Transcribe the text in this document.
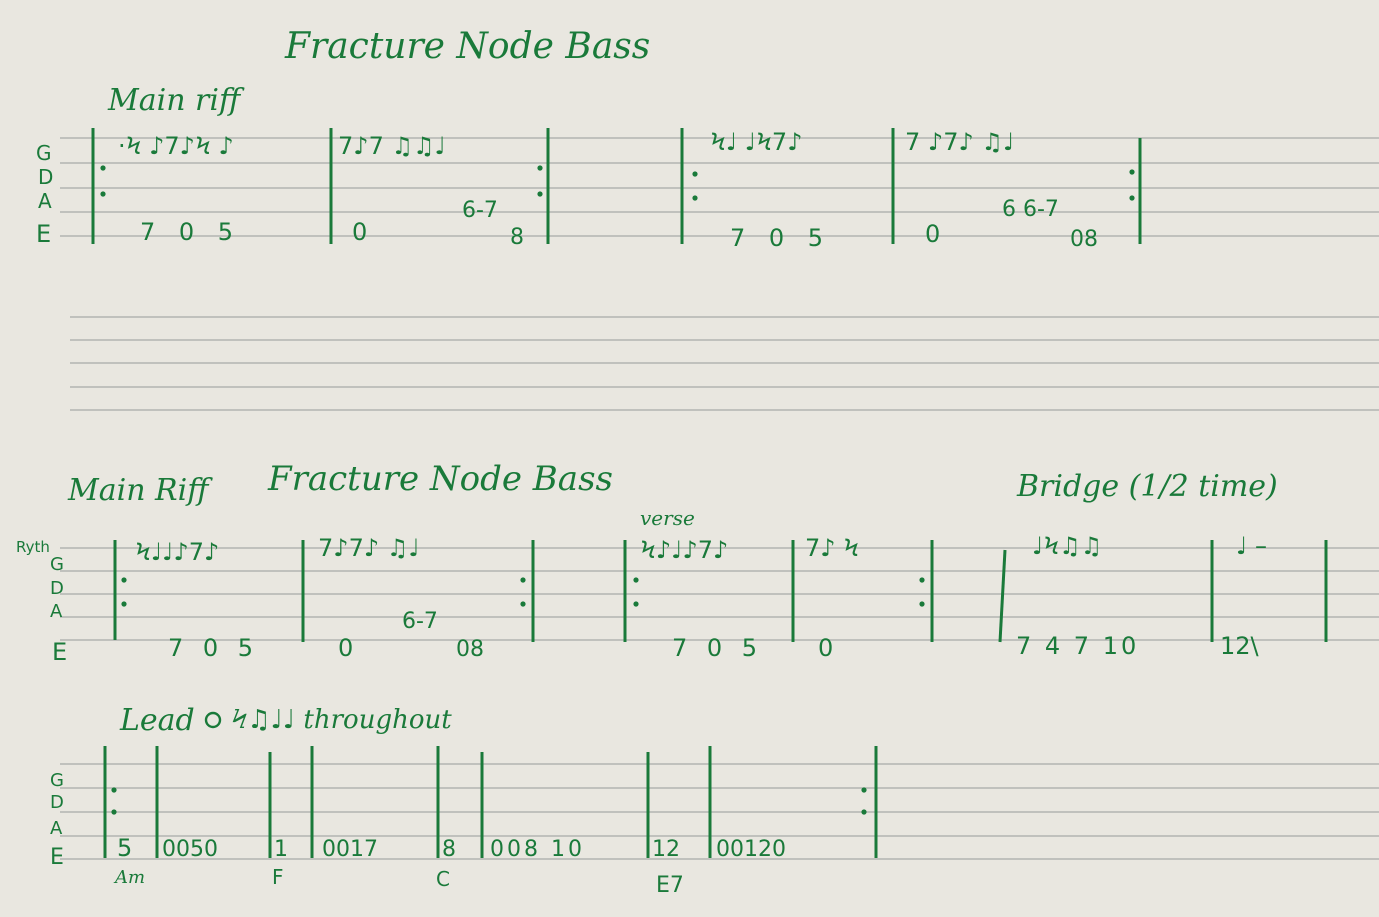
Fracture Node Bass
Main riff
G
D
A
E
·Ϟ ♪7♪Ϟ ♪	7♪7 ♫♫♩	Ϟ♩ ♩Ϟ7♪	7 ♪7♪ ♫♩
7 0 5	0
6-7
8	7 0 5	0
6 6-7
08
Main Riff Fracture Node Bass	Bridge (1/2 time)
verse
Ryth
G
D
A
E
Ϟ♩♩♪7♪	7♪7♪ ♫♩	Ϟ♪♩♪7♪	7♪ Ϟ	♩Ϟ♫♫	♩ –
7 0 5	0
6-7
08	7 0 5 0	7 4 7 10	12\
Lead Ϟ♫♩♩ throughout
G
D
A
E 5 0050	1 0017	8 008 10	12 00120
Am	F	C	E7
